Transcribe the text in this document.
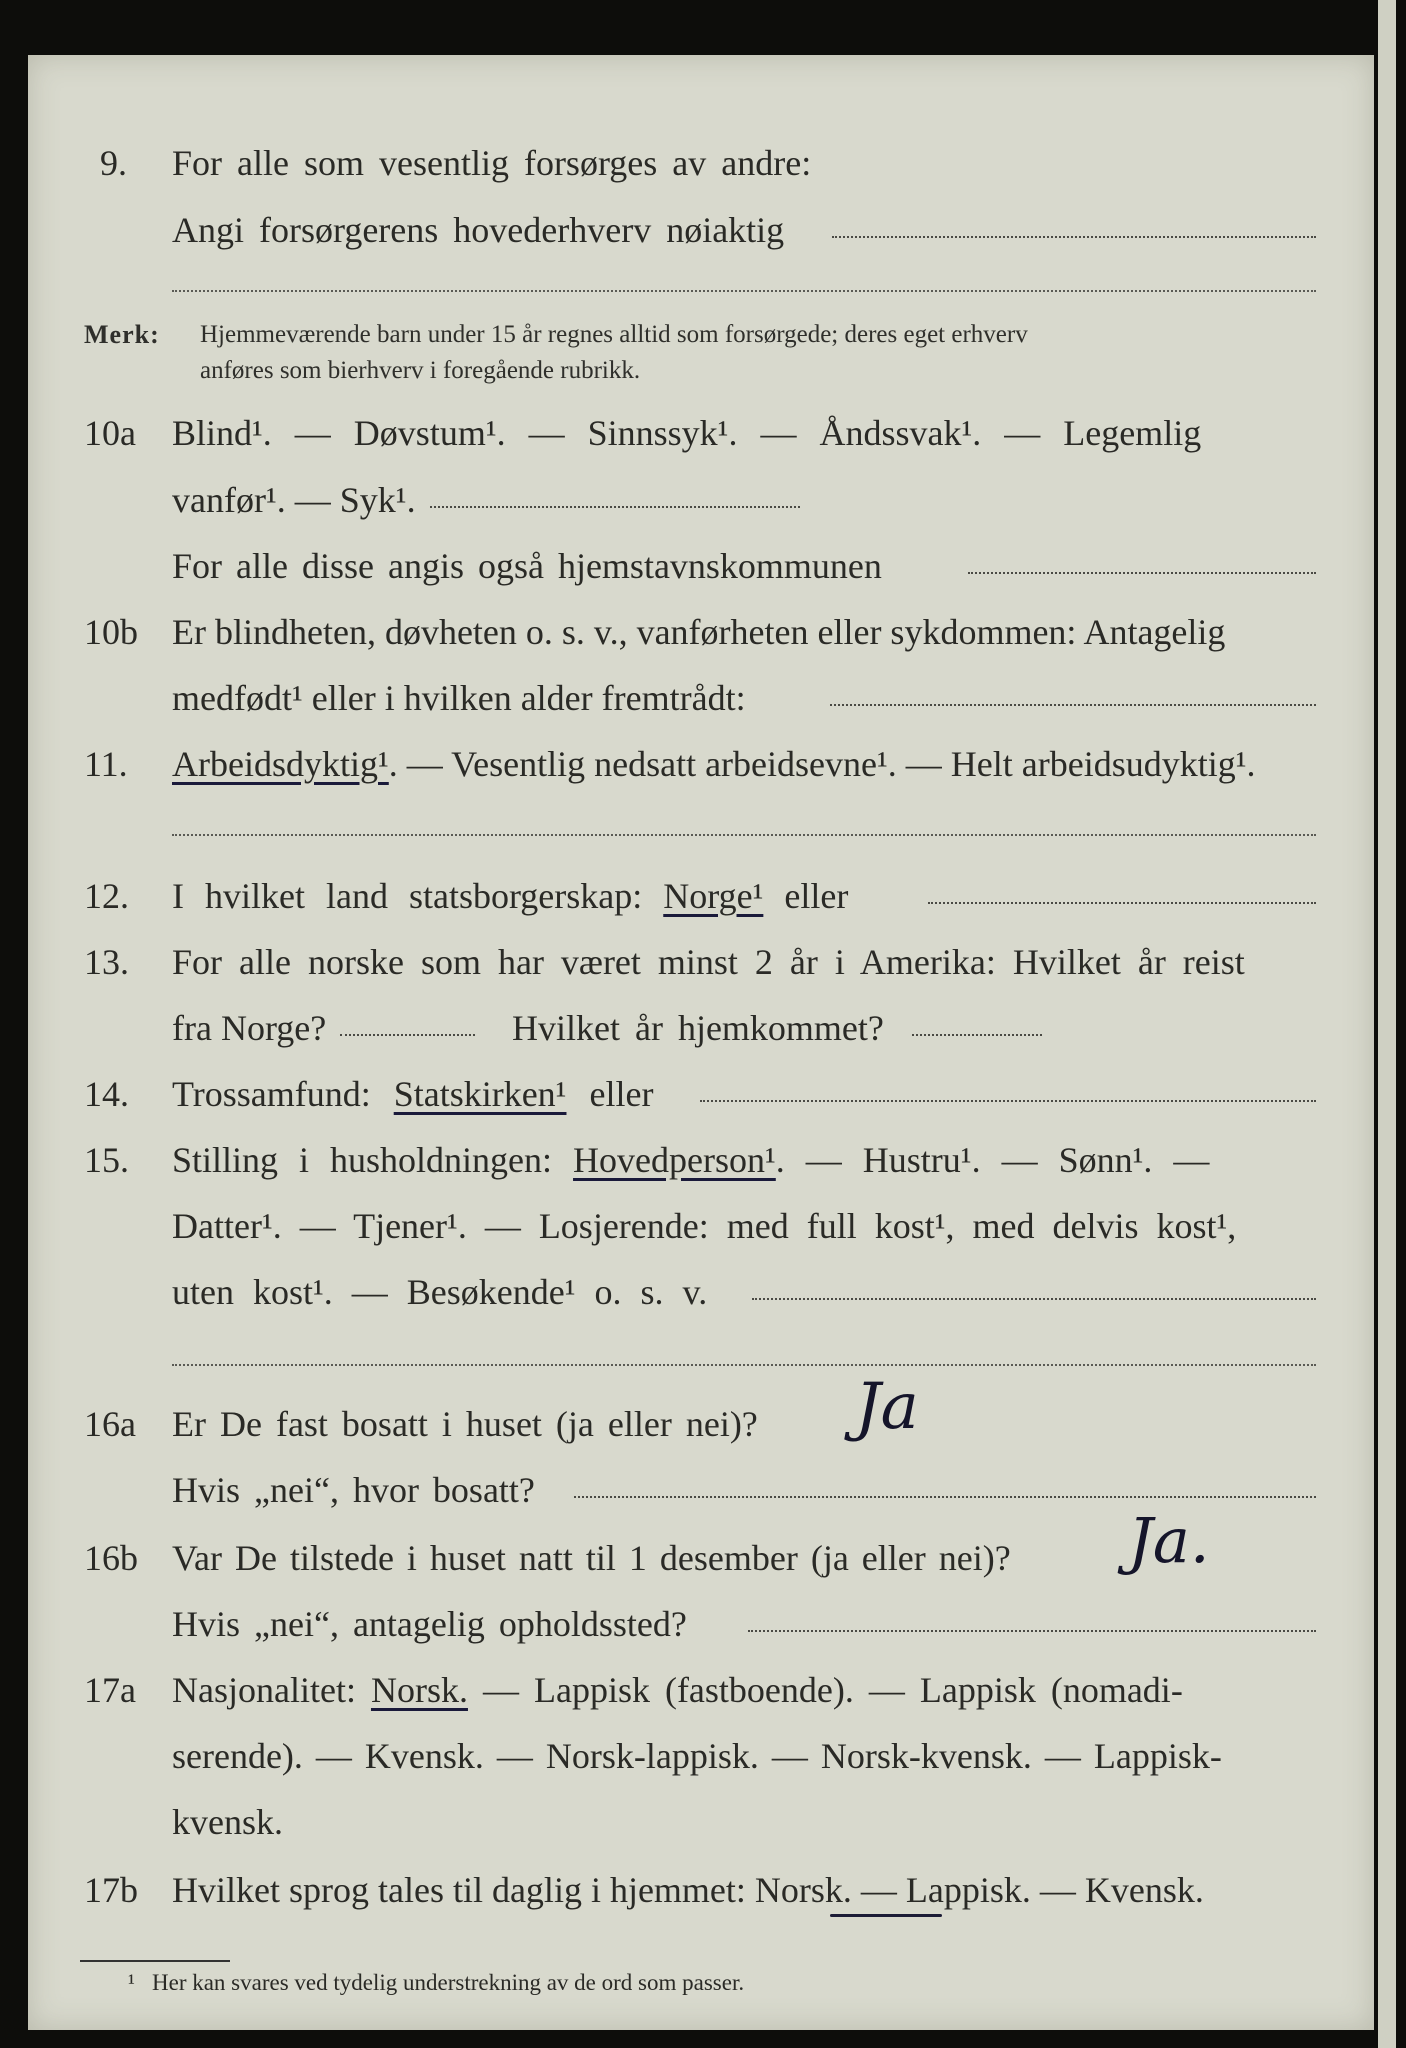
9. For alle som vesentlig forsørges av andre:
Angi forsørgerens hovederhverv nøiaktig
Merk: Hjemmeværende barn under 15 år regnes alltid som forsørgede; deres eget erhverv
anføres som bierhverv i foregående rubrikk.
10a Blind¹. — Døvstum¹. — Sinnssyk¹. — Åndssvak¹. — Legemlig
vanfør¹. — Syk¹.
For alle disse angis også hjemstavnskommunen
10b Er blindheten, døvheten o. s. v., vanførheten eller sykdommen: Antagelig
medfødt¹ eller i hvilken alder fremtrådt:
11. Arbeidsdyktig¹. — Vesentlig nedsatt arbeidsevne¹. — Helt arbeidsudyktig¹.
12. I hvilket land statsborgerskap: Norge¹ eller
13. For alle norske som har været minst 2 år i Amerika: Hvilket år reist
fra Norge?	Hvilket år hjemkommet?
14. Trossamfund: Statskirken¹ eller
15. Stilling i husholdningen: Hovedperson¹. — Hustru¹. — Sønn¹. —
Datter¹. — Tjener¹. — Losjerende: med full kost¹, med delvis kost¹,
uten kost¹. — Besøkende¹ o. s. v.
16a Er De fast bosatt i huset (ja eller nei)? Ja
Hvis „nei“, hvor bosatt?
16b Var De tilstede i huset natt til 1 desember (ja eller nei)? Ja.
Hvis „nei“, antagelig opholdssted?
17a Nasjonalitet: Norsk. — Lappisk (fastboende). — Lappisk (nomadi-
serende). — Kvensk. — Norsk-lappisk. — Norsk-kvensk. — Lappisk-
kvensk.
17b Hvilket sprog tales til daglig i hjemmet: Norsk. — Lappisk. — Kvensk.
¹ Her kan svares ved tydelig understrekning av de ord som passer.
